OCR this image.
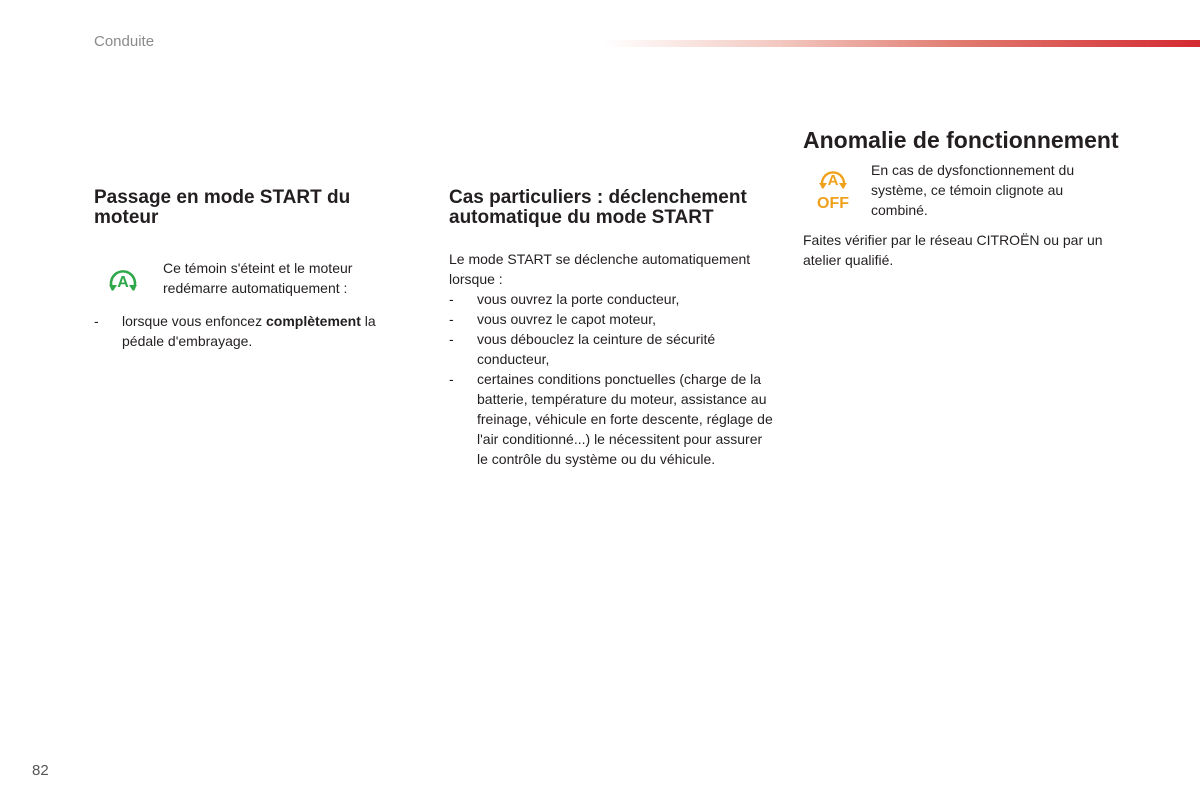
Conduite
Passage en mode START du moteur
A
Ce témoin s'éteint et le moteur redémarre automatiquement :
- lorsque vous enfoncez complètement la pédale d'embrayage.
Cas particuliers : déclenchement automatique du mode START
Le mode START se déclenche automatiquement lorsque :
- vous ouvrez la porte conducteur,
- vous ouvrez le capot moteur,
- vous débouclez la ceinture de sécurité conducteur,
- certaines conditions ponctuelles (charge de la batterie, température du moteur, assistance au freinage, véhicule en forte descente, réglage de l'air conditionné...) le nécessitent pour assurer le contrôle du système ou du véhicule.
Anomalie de fonctionnement
A
OFF
En cas de dysfonctionnement du système, ce témoin clignote au combiné.
Faites vérifier par le réseau CITROËN ou par un atelier qualifié.
82
